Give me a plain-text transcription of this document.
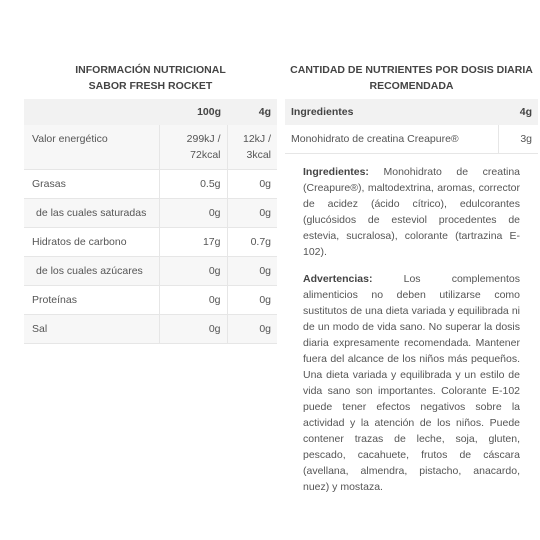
INFORMACIÓN NUTRICIONAL
SABOR FRESH ROCKET
	100g	4g
Valor energético	299kJ / 72kcal	12kJ / 3kcal
Grasas	0.5g	0g
de las cuales saturadas	0g	0g
Hidratos de carbono	17g	0.7g
de los cuales azúcares	0g	0g
Proteínas	0g	0g
Sal	0g	0g
CANTIDAD DE NUTRIENTES POR DOSIS DIARIA
RECOMENDADA
Ingredientes	4g
Monohidrato de creatina Creapure®	3g

Ingredientes: Monohidrato de creatina (Creapure®), maltodextrina, aromas, corrector de acidez (ácido cítrico), edulcorantes (glucósidos de esteviol procedentes de estevia, sucralosa), colorante (tartrazina E-102).

Advertencias:	Los complementos alimenticios no deben utilizarse como sustitutos de una dieta variada y equilibrada ni de un modo de vida sano. No superar la dosis diaria expresamente recomendada. Mantener fuera del alcance de los niños más pequeños. Una dieta variada y equilibrada y un estilo de vida sano son importantes. Colorante E-102 puede tener efectos negativos sobre la actividad y la atención de los niños. Puede contener trazas de leche, soja, gluten, pescado, cacahuete, frutos de cáscara (avellana, almendra, pistacho, anacardo, nuez) y mostaza.
